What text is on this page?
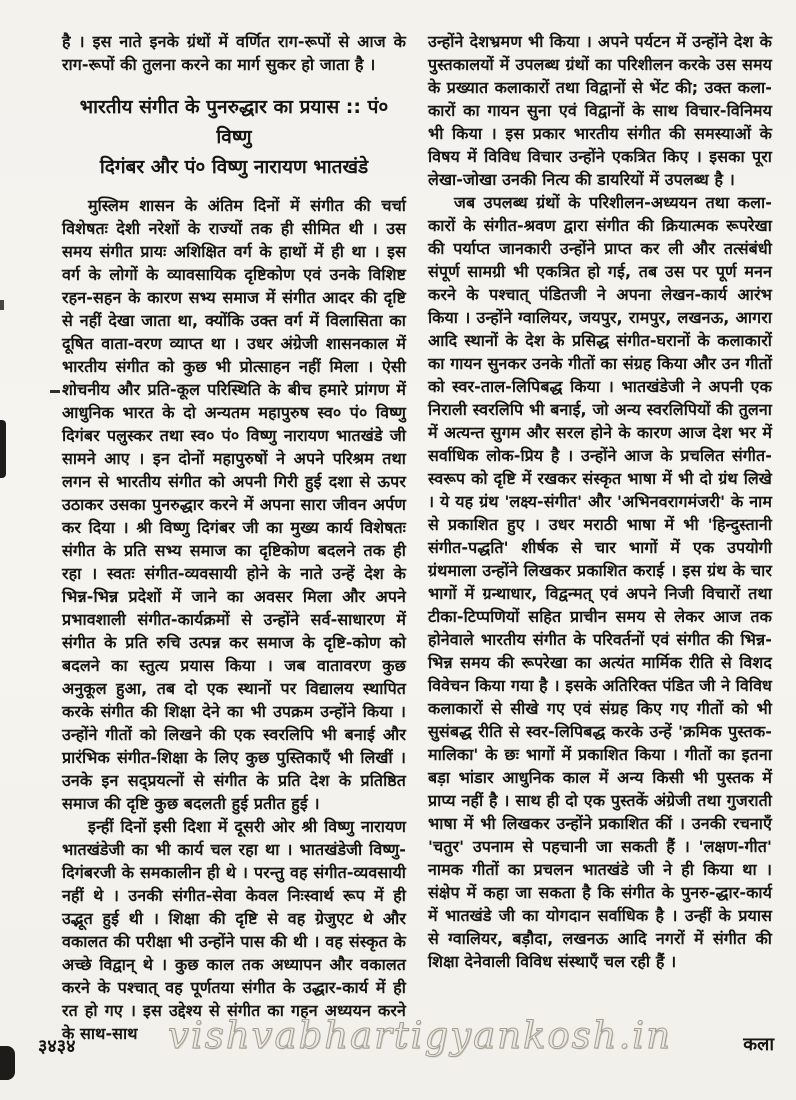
है । इस नाते इनके ग्रंथों में वर्णित राग-रूपों से आज के राग-रूपों की तुलना करने का मार्ग सुकर हो जाता है ।

भारतीय संगीत के पुनरुद्धार का प्रयास :: पं० विष्णु
दिगंबर और पं० विष्णु नारायण भातखंडे

मुस्लिम शासन के अंतिम दिनों में संगीत की चर्चा विशेषतः देशी नरेशों के राज्यों तक ही सीमित थी । उस समय संगीत प्रायः अशिक्षित वर्ग के हाथों में ही था । इस वर्ग के लोगों के व्यावसायिक दृष्टिकोण एवं उनके विशिष्ट रहन-सहन के कारण सभ्य समाज में संगीत आदर की दृष्टि से नहीं देखा जाता था, क्योंकि उक्त वर्ग में विलासिता का दूषित वाता-वरण व्याप्त था । उधर अंग्रेजी शासनकाल में भारतीय संगीत को कुछ भी प्रोत्साहन नहीं मिला । ऐसी शोचनीय और प्रति-कूल परिस्थिति के बीच हमारे प्रांगण में आधुनिक भारत के दो अन्यतम महापुरुष स्व० पं० विष्णु दिगंबर पलुस्कर तथा स्व० पं० विष्णु नारायण भातखंडे जी सामने आए । इन दोनों महापुरुषों ने अपने परिश्रम तथा लगन से भारतीय संगीत को अपनी गिरी हुई दशा से ऊपर उठाकर उसका पुनरुद्धार करने में अपना सारा जीवन अर्पण कर दिया । श्री विष्णु दिगंबर जी का मुख्य कार्य विशेषतः संगीत के प्रति सभ्य समाज का दृष्टिकोण बदलने तक ही रहा । स्वतः संगीत-व्यवसायी होने के नाते उन्हें देश के भिन्न-भिन्न प्रदेशों में जाने का अवसर मिला और अपने प्रभावशाली संगीत-कार्यक्रमों से उन्होंने सर्व-साधारण में संगीत के प्रति रुचि उत्पन्न कर समाज के दृष्टि-कोण को बदलने का स्तुत्य प्रयास किया । जब वातावरण कुछ अनुकूल हुआ, तब दो एक स्थानों पर विद्यालय स्थापित करके संगीत की शिक्षा देने का भी उपक्रम उन्होंने किया । उन्होंने गीतों को लिखने की एक स्वरलिपि भी बनाई और प्रारंभिक संगीत-शिक्षा के लिए कुछ पुस्तिकाएँ भी लिखीं । उनके इन सद्प्रयत्नों से संगीत के प्रति देश के प्रतिष्ठित समाज की दृष्टि कुछ बदलती हुई प्रतीत हुई ।

इन्हीं दिनों इसी दिशा में दूसरी ओर श्री विष्णु नारायण भातखंडेजी का भी कार्य चल रहा था । भातखंडेजी विष्णु-दिगंबरजी के समकालीन ही थे । परन्तु वह संगीत-व्यवसायी नहीं थे । उनकी संगीत-सेवा केवल निःस्वार्थ रूप में ही उद्भूत हुई थी । शिक्षा की दृष्टि से वह ग्रेजुएट थे और वकालत की परीक्षा भी उन्होंने पास की थी । वह संस्कृत के अच्छे विद्वान् थे । कुछ काल तक अध्यापन और वकालत करने के पश्चात् वह पूर्णतया संगीत के उद्धार-कार्य में ही रत हो गए । इस उद्देश्य से संगीत का गहन अध्ययन करने के साथ-साथ

उन्होंने देशभ्रमण भी किया । अपने पर्यटन में उन्होंने देश के पुस्तकालयों में उपलब्ध ग्रंथों का परिशीलन करके उस समय के प्रख्यात कलाकारों तथा विद्वानों से भेंट की; उक्त कला-कारों का गायन सुना एवं विद्वानों के साथ विचार-विनिमय भी किया । इस प्रकार भारतीय संगीत की समस्याओं के विषय में विविध विचार उन्होंने एकत्रित किए । इसका पूरा लेखा-जोखा उनकी नित्य की डायरियों में उपलब्ध है ।

जब उपलब्ध ग्रंथों के परिशीलन-अध्ययन तथा कला-कारों के संगीत-श्रवण द्वारा संगीत की क्रियात्मक रूपरेखा की पर्याप्त जानकारी उन्होंने प्राप्त कर ली और तत्संबंधी संपूर्ण सामग्री भी एकत्रित हो गई, तब उस पर पूर्ण मनन करने के पश्चात् पंडितजी ने अपना लेखन-कार्य आरंभ किया । उन्होंने ग्वालियर, जयपुर, रामपुर, लखनऊ, आगरा आदि स्थानों के देश के प्रसिद्ध संगीत-घरानों के कलाकारों का गायन सुनकर उनके गीतों का संग्रह किया और उन गीतों को स्वर-ताल-लिपिबद्ध किया । भातखंडेजी ने अपनी एक निराली स्वरलिपि भी बनाई, जो अन्य स्वरलिपियों की तुलना में अत्यन्त सुगम और सरल होने के कारण आज देश भर में सर्वाधिक लोक-प्रिय है । उन्होंने आज के प्रचलित संगीत-स्वरूप को दृष्टि में रखकर संस्कृत भाषा में भी दो ग्रंथ लिखे । ये यह ग्रंथ 'लक्ष्य-संगीत' और 'अभिनवरागमंजरी' के नाम से प्रकाशित हुए । उधर मराठी भाषा में भी 'हिन्दुस्तानी संगीत-पद्धति' शीर्षक से चार भागों में एक उपयोगी ग्रंथमाला उन्होंने लिखकर प्रकाशित कराई । इस ग्रंथ के चार भागों में ग्रन्थाधार, विद्वन्मत् एवं अपने निजी विचारों तथा टीका-टिप्पणियों सहित प्राचीन समय से लेकर आज तक होनेवाले भारतीय संगीत के परिवर्तनों एवं संगीत की भिन्न-भिन्न समय की रूपरेखा का अत्यंत मार्मिक रीति से विशद विवेचन किया गया है । इसके अतिरिक्त पंडित जी ने विविध कलाकारों से सीखे गए एवं संग्रह किए गए गीतों को भी सुसंबद्ध रीति से स्वर-लिपिबद्ध करके उन्हें 'क्रमिक पुस्तक-मालिका' के छः भागों में प्रकाशित किया । गीतों का इतना बड़ा भांडार आधुनिक काल में अन्य किसी भी पुस्तक में प्राप्य नहीं है । साथ ही दो एक पुस्तकें अंग्रेजी तथा गुजराती भाषा में भी लिखकर उन्होंने प्रकाशित कीं । उनकी रचनाएँ 'चतुर' उपनाम से पहचानी जा सकती हैं । 'लक्षण-गीत' नामक गीतों का प्रचलन भातखंडे जी ने ही किया था । संक्षेप में कहा जा सकता है कि संगीत के पुनरु-द्धार-कार्य में भातखंडे जी का योगदान सर्वाधिक है । उन्हीं के प्रयास से ग्वालियर, बड़ौदा, लखनऊ आदि नगरों में संगीत की शिक्षा देनेवाली विविध संस्थाएँ चल रही हैं ।

३४३४	vishvabhartigyankosh.in	कला
